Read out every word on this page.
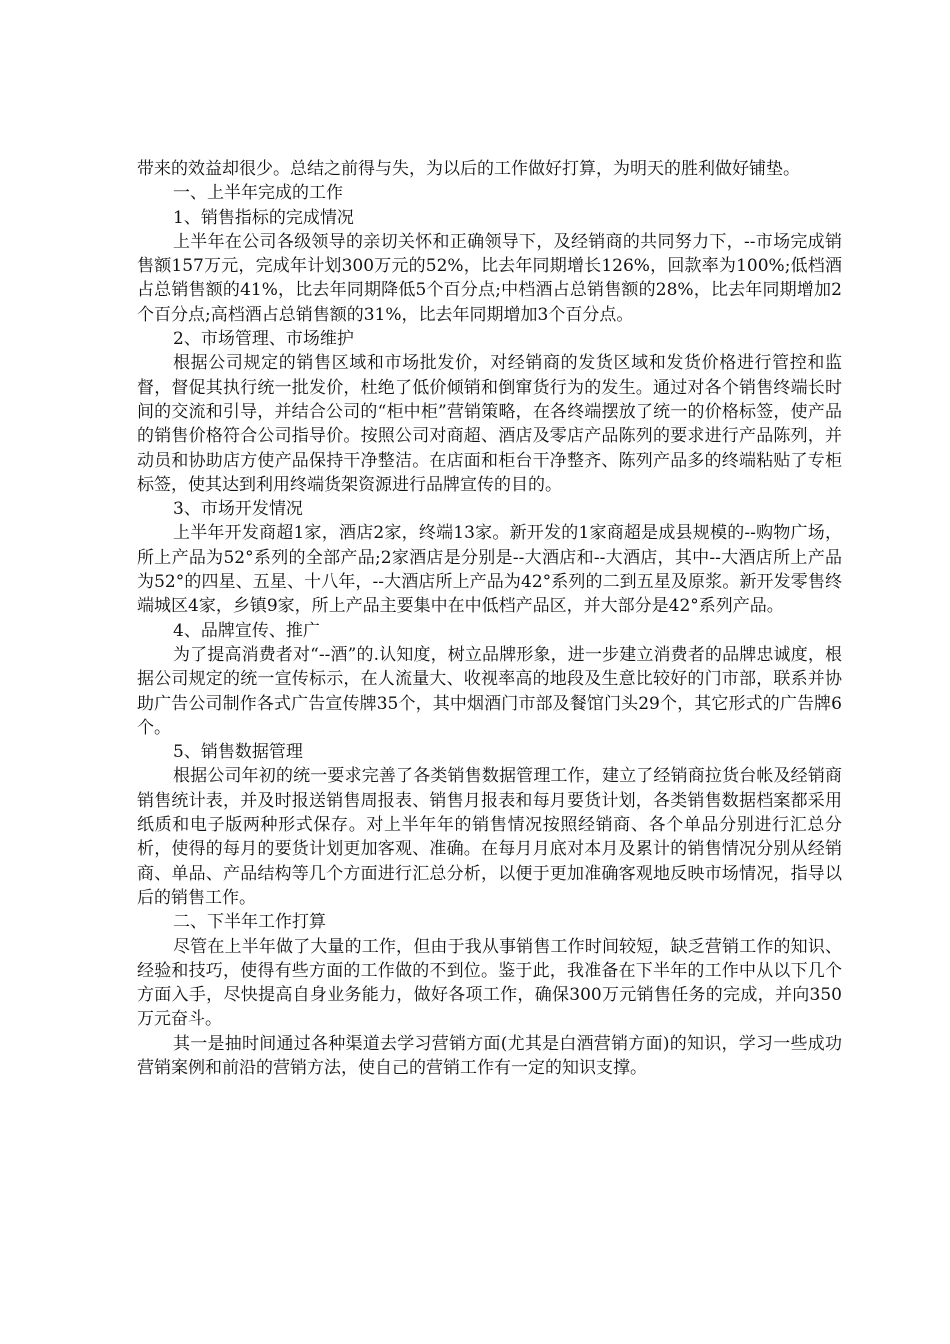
带来的效益却很少。总结之前得与失，为以后的工作做好打算，为明天的胜利做好铺垫。

一、上半年完成的工作

1、销售指标的完成情况

上半年在公司各级领导的亲切关怀和正确领导下，及经销商的共同努力下，--市场完成销售额157万元，完成年计划300万元的52%，比去年同期增长126%，回款率为100%;低档酒占总销售额的41%，比去年同期降低5个百分点;中档酒占总销售额的28%，比去年同期增加2个百分点;高档酒占总销售额的31%，比去年同期增加3个百分点。

2、市场管理、市场维护

根据公司规定的销售区域和市场批发价，对经销商的发货区域和发货价格进行管控和监督，督促其执行统一批发价，杜绝了低价倾销和倒窜货行为的发生。通过对各个销售终端长时间的交流和引导，并结合公司的“柜中柜”营销策略，在各终端摆放了统一的价格标签，使产品的销售价格符合公司指导价。按照公司对商超、酒店及零店产品陈列的要求进行产品陈列，并动员和协助店方使产品保持干净整洁。在店面和柜台干净整齐、陈列产品多的终端粘贴了专柜标签，使其达到利用终端货架资源进行品牌宣传的目的。

3、市场开发情况

上半年开发商超1家，酒店2家，终端13家。新开发的1家商超是成县规模的--购物广场，所上产品为52°系列的全部产品;2家酒店是分别是--大酒店和--大酒店，其中--大酒店所上产品为52°的四星、五星、十八年，--大酒店所上产品为42°系列的二到五星及原浆。新开发零售终端城区4家，乡镇9家，所上产品主要集中在中低档产品区，并大部分是42°系列产品。

4、品牌宣传、推广

为了提高消费者对“--酒”的.认知度，树立品牌形象，进一步建立消费者的品牌忠诚度，根据公司规定的统一宣传标示，在人流量大、收视率高的地段及生意比较好的门市部，联系并协助广告公司制作各式广告宣传牌35个，其中烟酒门市部及餐馆门头29个，其它形式的广告牌6个。

5、销售数据管理

根据公司年初的统一要求完善了各类销售数据管理工作，建立了经销商拉货台帐及经销商销售统计表，并及时报送销售周报表、销售月报表和每月要货计划，各类销售数据档案都采用纸质和电子版两种形式保存。对上半年年的销售情况按照经销商、各个单品分别进行汇总分析，使得的每月的要货计划更加客观、准确。在每月月底对本月及累计的销售情况分别从经销商、单品、产品结构等几个方面进行汇总分析，以便于更加准确客观地反映市场情况，指导以后的销售工作。

二、下半年工作打算

尽管在上半年做了大量的工作，但由于我从事销售工作时间较短，缺乏营销工作的知识、经验和技巧，使得有些方面的工作做的不到位。鉴于此，我准备在下半年的工作中从以下几个方面入手，尽快提高自身业务能力，做好各项工作，确保300万元销售任务的完成，并向350万元奋斗。

其一是抽时间通过各种渠道去学习营销方面(尤其是白酒营销方面)的知识，学习一些成功营销案例和前沿的营销方法，使自己的营销工作有一定的知识支撑。
